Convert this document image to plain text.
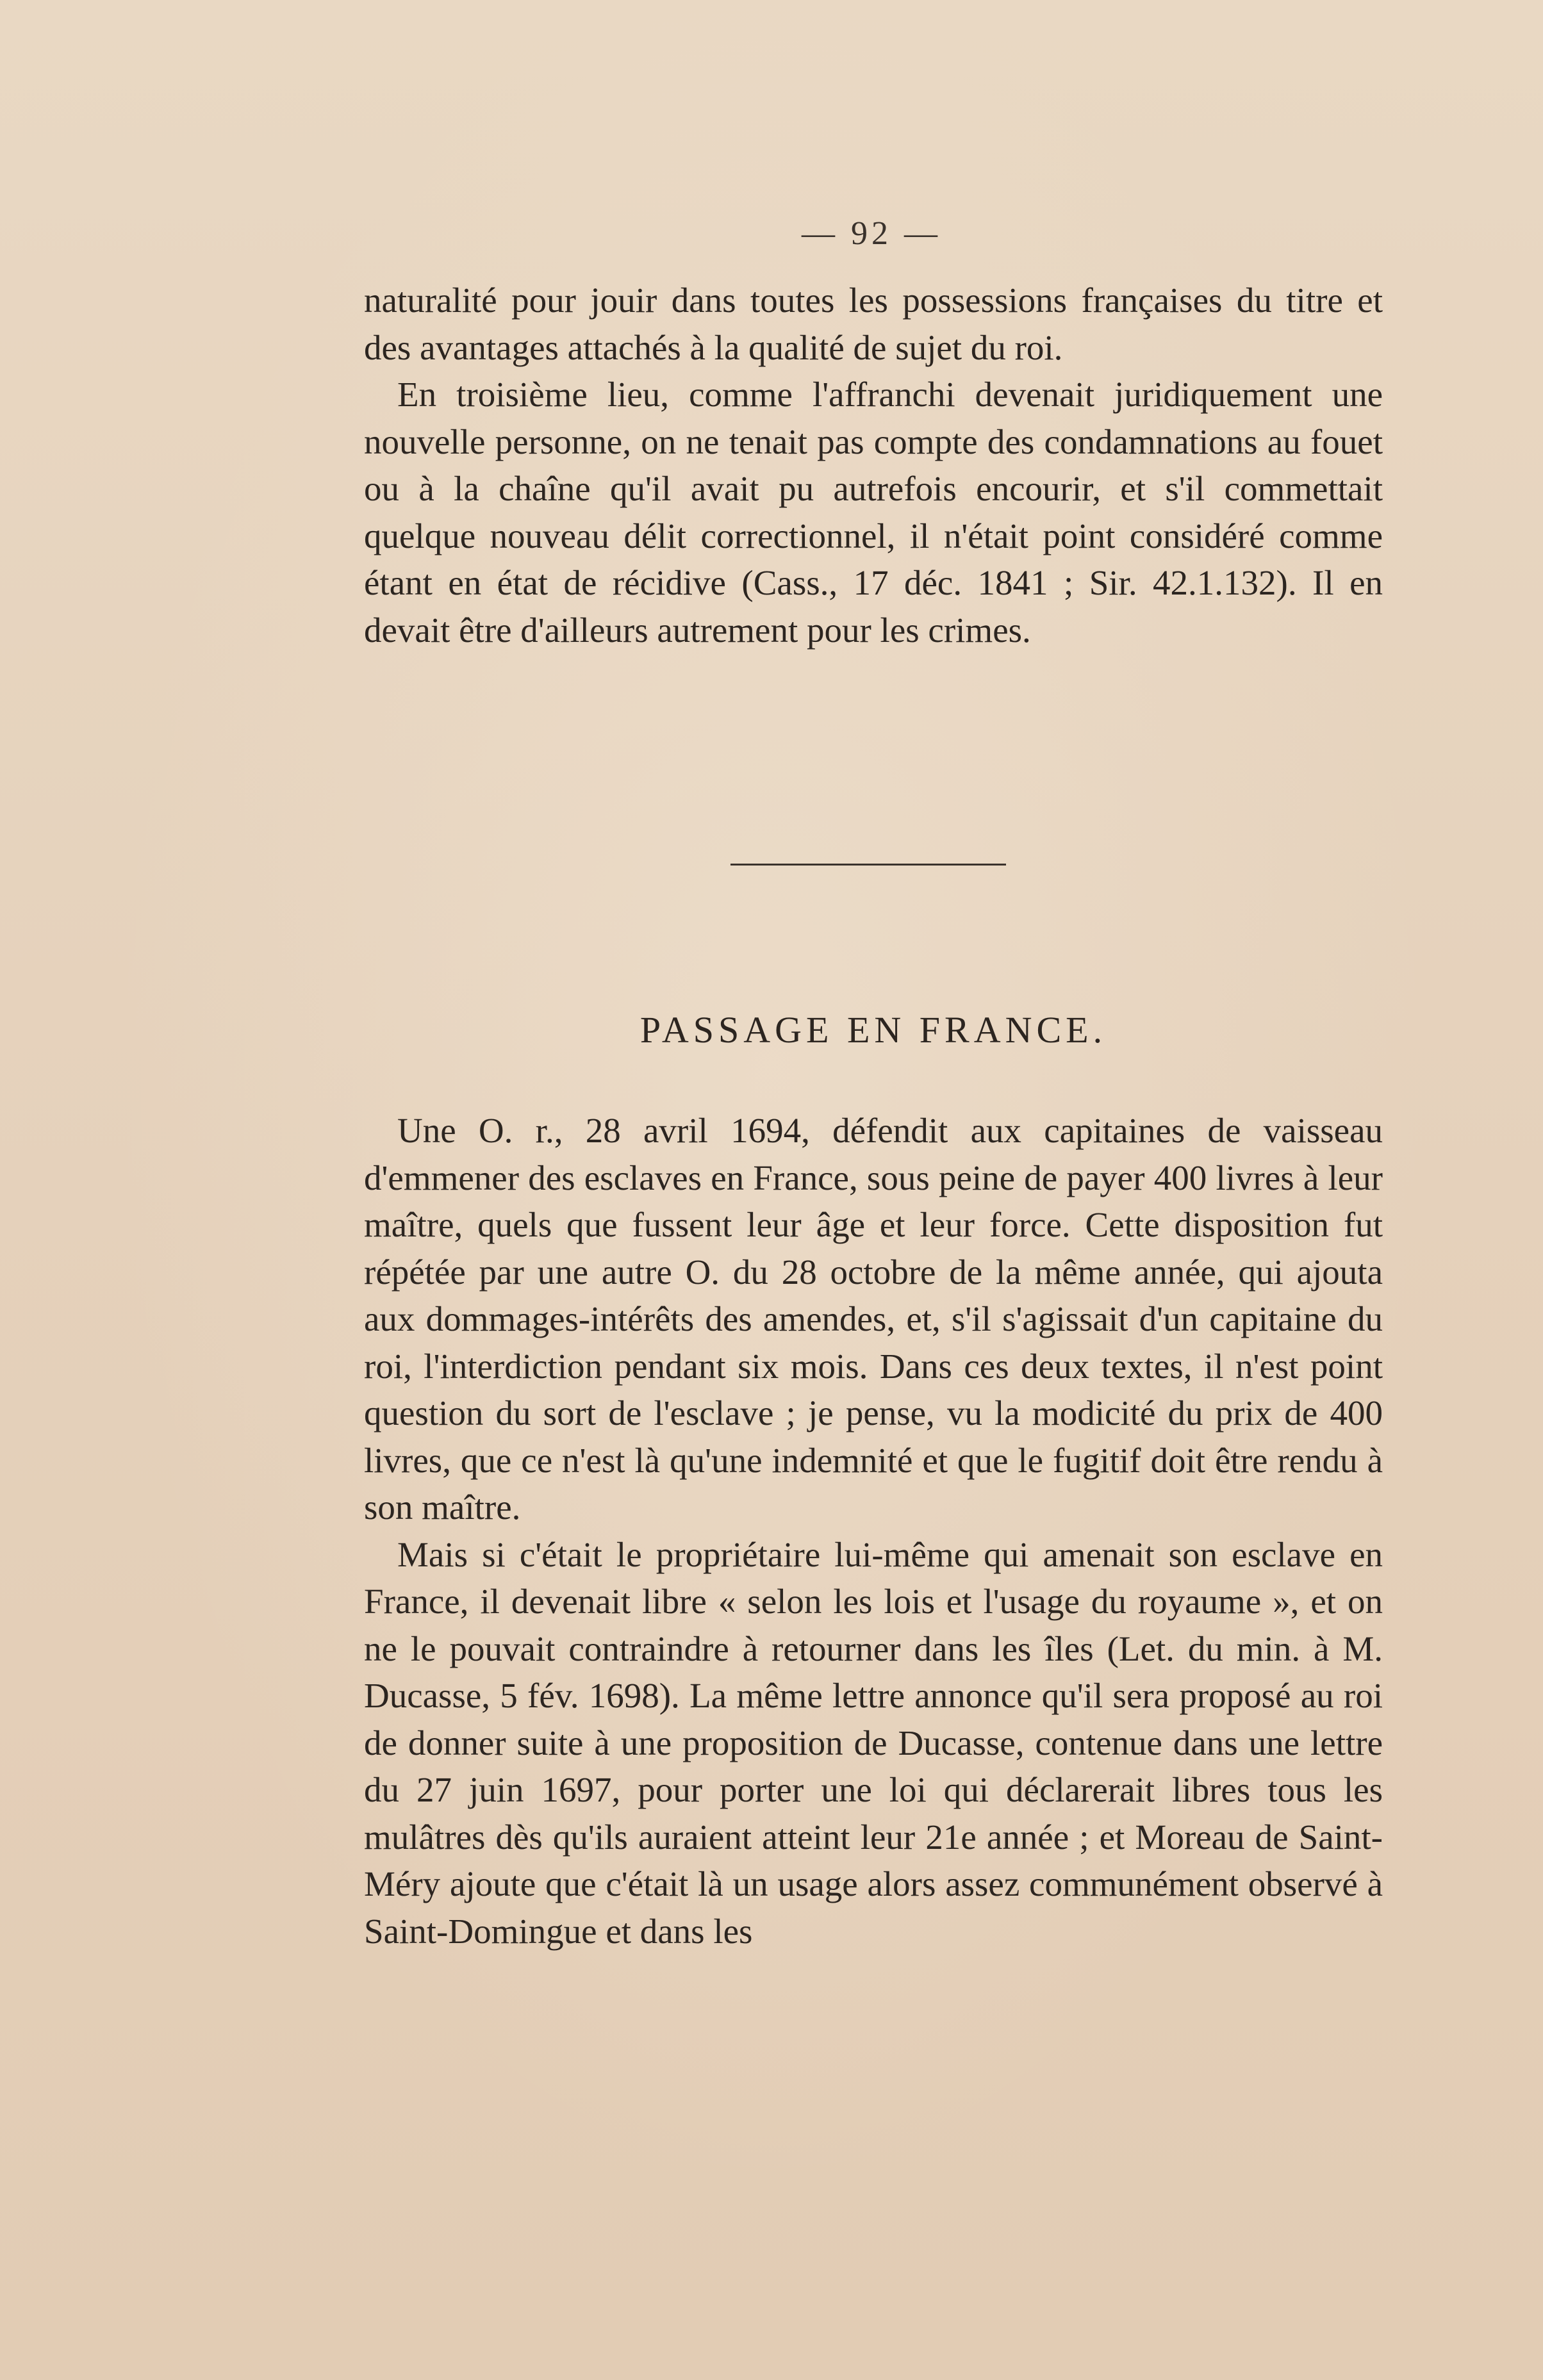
— 92 —

naturalité pour jouir dans toutes les possessions françaises du titre et des avantages attachés à la qualité de sujet du roi.

En troisième lieu, comme l'affranchi devenait juridiquement une nouvelle personne, on ne tenait pas compte des condamnations au fouet ou à la chaîne qu'il avait pu autrefois encourir, et s'il commettait quelque nouveau délit correctionnel, il n'était point considéré comme étant en état de récidive (Cass., 17 déc. 1841 ; Sir. 42.1.132). Il en devait être d'ailleurs autrement pour les crimes.

PASSAGE EN FRANCE.

Une O. r., 28 avril 1694, défendit aux capitaines de vaisseau d'emmener des esclaves en France, sous peine de payer 400 livres à leur maître, quels que fussent leur âge et leur force. Cette disposition fut répétée par une autre O. du 28 octobre de la même année, qui ajouta aux dommages-intérêts des amendes, et, s'il s'agissait d'un capitaine du roi, l'interdiction pendant six mois. Dans ces deux textes, il n'est point question du sort de l'esclave ; je pense, vu la modicité du prix de 400 livres, que ce n'est là qu'une indemnité et que le fugitif doit être rendu à son maître.

Mais si c'était le propriétaire lui-même qui amenait son esclave en France, il devenait libre « selon les lois et l'usage du royaume », et on ne le pouvait contraindre à retourner dans les îles (Let. du min. à M. Ducasse, 5 fév. 1698). La même lettre annonce qu'il sera proposé au roi de donner suite à une proposition de Ducasse, contenue dans une lettre du 27 juin 1697, pour porter une loi qui déclarerait libres tous les mulâtres dès qu'ils auraient atteint leur 21e année ; et Moreau de Saint-Méry ajoute que c'était là un usage alors assez communément observé à Saint-Domingue et dans les
